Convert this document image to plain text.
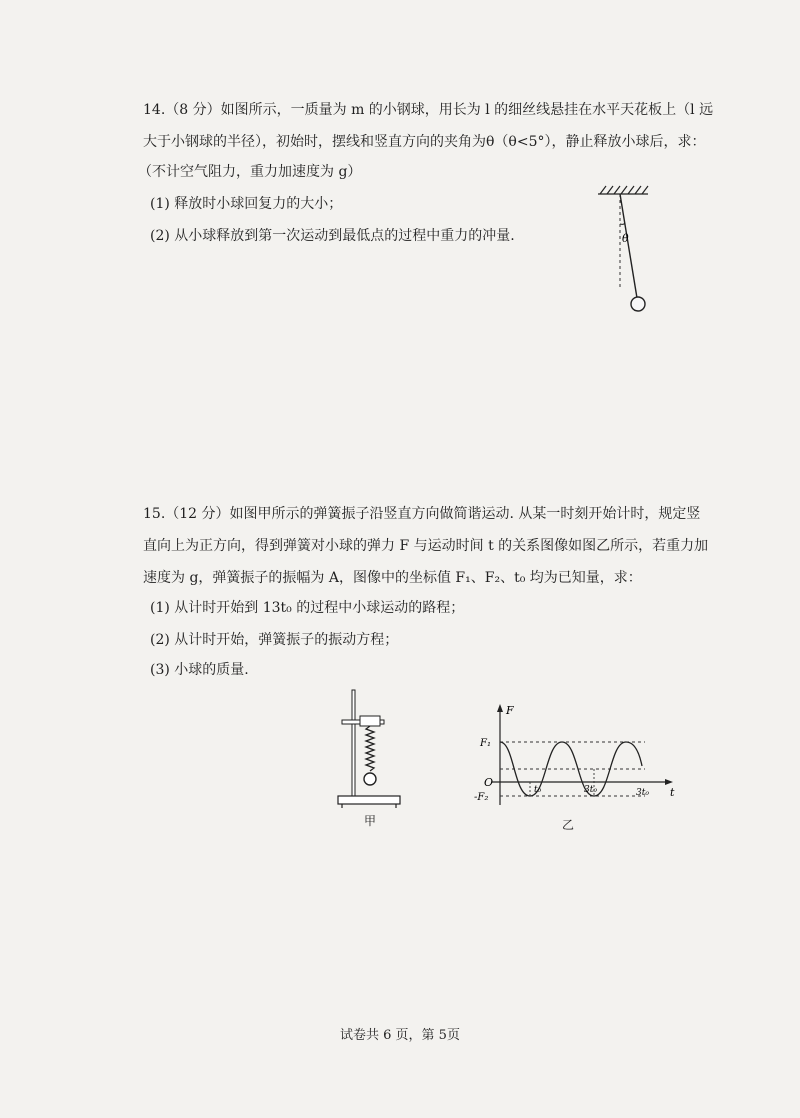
14.（8 分）如图所示，一质量为 m 的小钢球，用长为 l 的细丝线悬挂在水平天花板上（l 远
大于小钢球的半径），初始时，摆线和竖直方向的夹角为θ（θ<5°），静止释放小球后，求：
（不计空气阻力，重力加速度为 g）
(1) 释放时小球回复力的大小；
(2) 从小球释放到第一次运动到最低点的过程中重力的冲量.	θ
15.（12 分）如图甲所示的弹簧振子沿竖直方向做简谐运动. 从某一时刻开始计时，规定竖
直向上为正方向，得到弹簧对小球的弹力 F 与运动时间 t 的关系图像如图乙所示，若重力加
速度为 g，弹簧振子的振幅为 A，图像中的坐标值 F₁、F₂、t₀ 均为已知量，求：
(1) 从计时开始到 13t₀ 的过程中小球运动的路程；
(2) 从计时开始，弹簧振子的振动方程；
(3) 小球的质量.
甲
F
t
O
F₁
-F₂
t₀	3t₀	3t₀
乙
试卷共 6 页，第 5页
